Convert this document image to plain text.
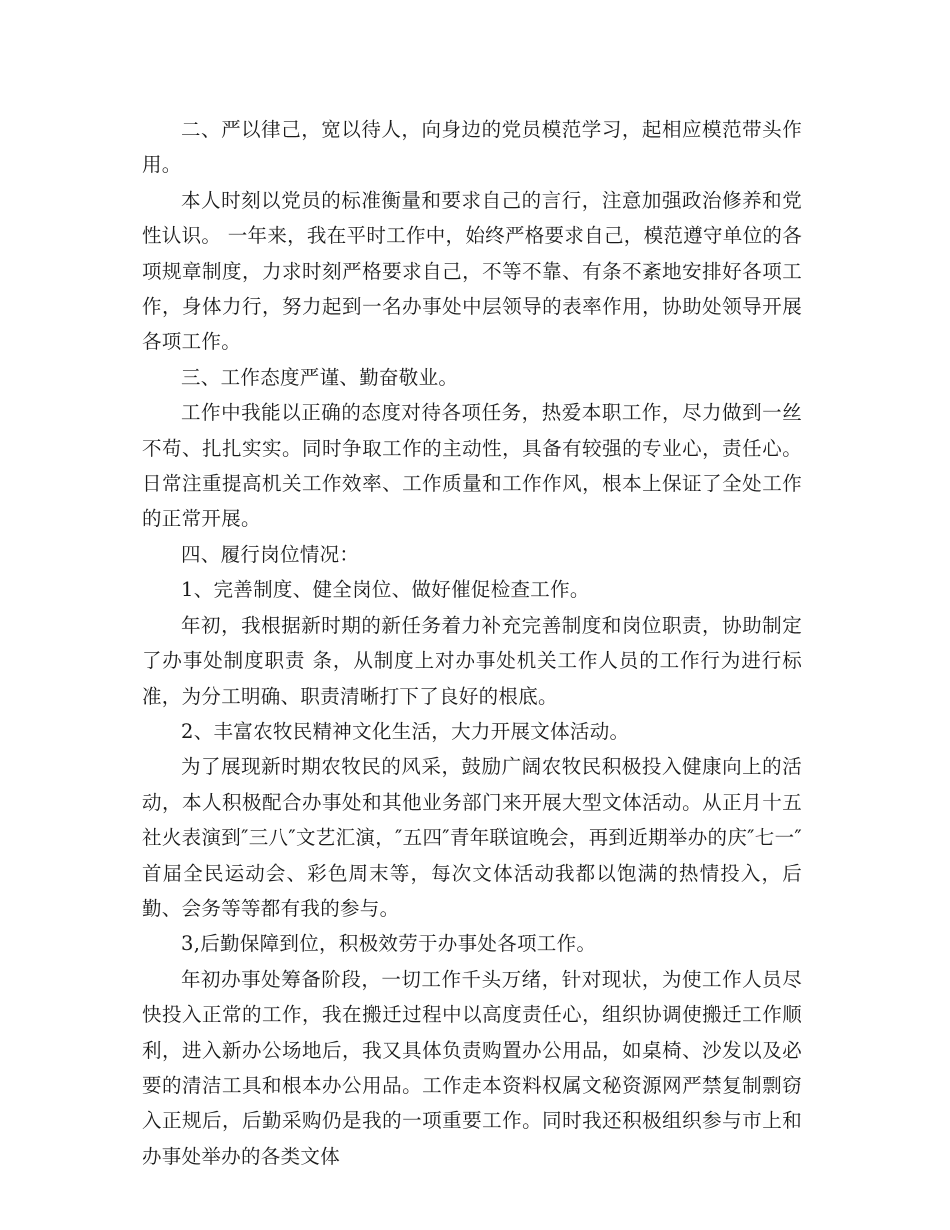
二、严以律己，宽以待人，向身边的党员模范学习，起相应模范带头作用。

本人时刻以党员的标准衡量和要求自己的言行，注意加强政治修养和党性认识。 一年来，我在平时工作中，始终严格要求自己，模范遵守单位的各项规章制度，力求时刻严格要求自己，不等不靠、有条不紊地安排好各项工作，身体力行，努力起到一名办事处中层领导的表率作用，协助处领导开展各项工作。

三、工作态度严谨、勤奋敬业。

工作中我能以正确的态度对待各项任务，热爱本职工作，尽力做到一丝不苟、扎扎实实。同时争取工作的主动性，具备有较强的专业心，责任心。日常注重提高机关工作效率、工作质量和工作作风，根本上保证了全处工作的正常开展。

四、履行岗位情况：

1、完善制度、健全岗位、做好催促检查工作。

年初，我根据新时期的新任务着力补充完善制度和岗位职责，协助制定了办事处制度职责 条，从制度上对办事处机关工作人员的工作行为进行标准，为分工明确、职责清晰打下了良好的根底。

2、丰富农牧民精神文化生活，大力开展文体活动。

为了展现新时期农牧民的风采，鼓励广阔农牧民积极投入健康向上的活动，本人积极配合办事处和其他业务部门来开展大型文体活动。从正月十五社火表演到″三八″文艺汇演，″五四″青年联谊晚会，再到近期举办的庆″七一″首届全民运动会、彩色周末等，每次文体活动我都以饱满的热情投入，后勤、会务等等都有我的参与。

3,后勤保障到位，积极效劳于办事处各项工作。

年初办事处筹备阶段，一切工作千头万绪，针对现状，为使工作人员尽快投入正常的工作，我在搬迁过程中以高度责任心，组织协调使搬迁工作顺利，进入新办公场地后，我又具体负责购置办公用品，如桌椅、沙发以及必要的清洁工具和根本办公用品。工作走本资料权属文秘资源网严禁复制剽窃入正规后，后勤采购仍是我的一项重要工作。同时我还积极组织参与市上和办事处举办的各类文体
